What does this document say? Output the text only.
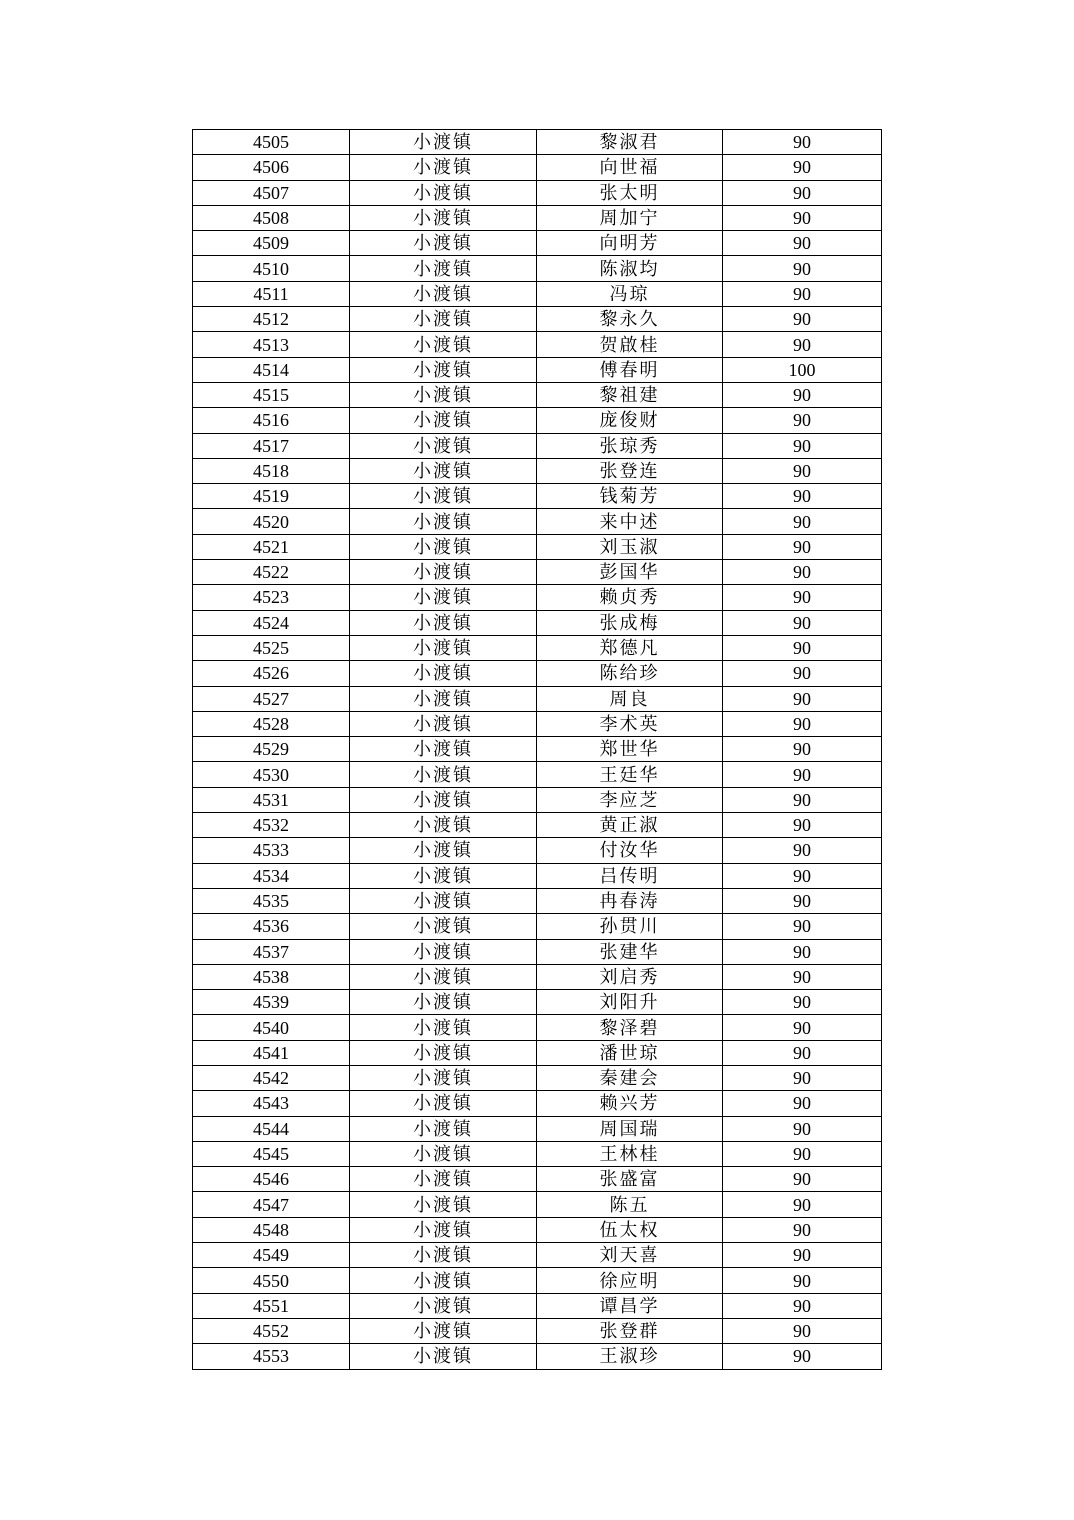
4505	小渡镇	黎淑君	90
4506	小渡镇	向世福	90
4507	小渡镇	张太明	90
4508	小渡镇	周加宁	90
4509	小渡镇	向明芳	90
4510	小渡镇	陈淑均	90
4511	小渡镇	冯琼	90
4512	小渡镇	黎永久	90
4513	小渡镇	贺啟桂	90
4514	小渡镇	傅春明	100
4515	小渡镇	黎祖建	90
4516	小渡镇	庞俊财	90
4517	小渡镇	张琼秀	90
4518	小渡镇	张登连	90
4519	小渡镇	钱菊芳	90
4520	小渡镇	来中述	90
4521	小渡镇	刘玉淑	90
4522	小渡镇	彭国华	90
4523	小渡镇	赖贞秀	90
4524	小渡镇	张成梅	90
4525	小渡镇	郑德凡	90
4526	小渡镇	陈给珍	90
4527	小渡镇	周良	90
4528	小渡镇	李术英	90
4529	小渡镇	郑世华	90
4530	小渡镇	王廷华	90
4531	小渡镇	李应芝	90
4532	小渡镇	黄正淑	90
4533	小渡镇	付汝华	90
4534	小渡镇	吕传明	90
4535	小渡镇	冉春涛	90
4536	小渡镇	孙贯川	90
4537	小渡镇	张建华	90
4538	小渡镇	刘启秀	90
4539	小渡镇	刘阳升	90
4540	小渡镇	黎泽碧	90
4541	小渡镇	潘世琼	90
4542	小渡镇	秦建会	90
4543	小渡镇	赖兴芳	90
4544	小渡镇	周国瑞	90
4545	小渡镇	王林桂	90
4546	小渡镇	张盛富	90
4547	小渡镇	陈五	90
4548	小渡镇	伍太权	90
4549	小渡镇	刘天喜	90
4550	小渡镇	徐应明	90
4551	小渡镇	谭昌学	90
4552	小渡镇	张登群	90
4553	小渡镇	王淑珍	90
